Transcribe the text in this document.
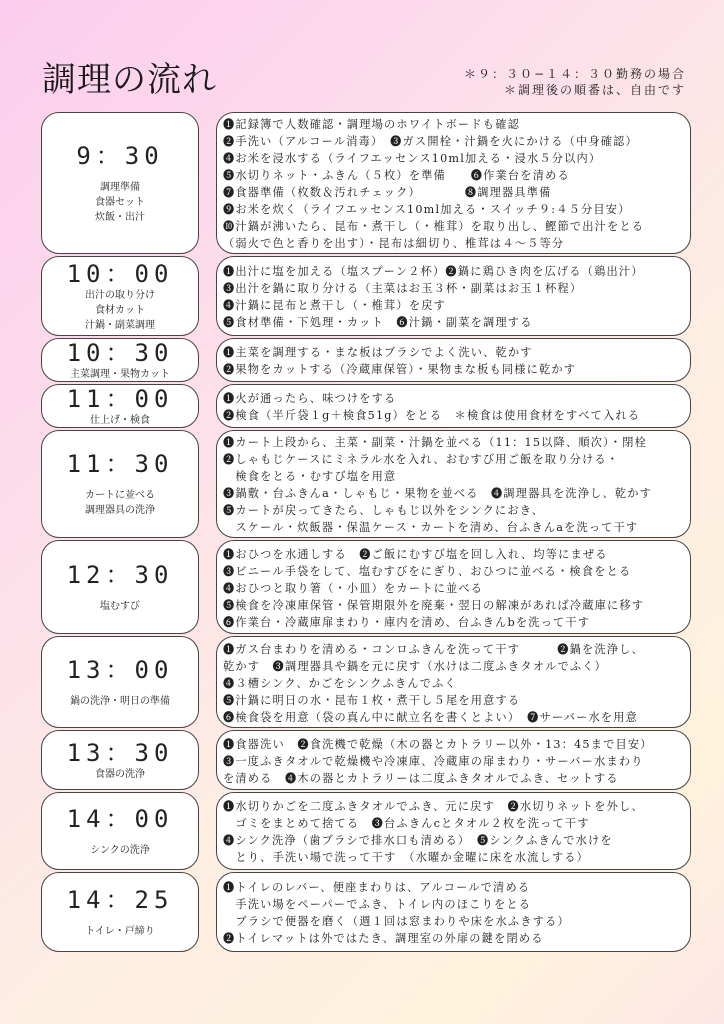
調理の流れ	＊９：３０−１４：３０勤務の場合
＊調理後の順番は、自由です
9：30
調理準備
食器セット
炊飯・出汁
❶記録簿で人数確認・調理場のホワイトボードも確認
❷手洗い（アルコール消毒）　❸ガス開栓・汁鍋を火にかける（中身確認）
❹お米を浸水する（ライフエッセンス10ml加える・浸水５分以内）
❺水切りネット・ふきん（５枚）を準備　　❻作業台を清める
❼食器準備（枚数＆汚れチェック）　　　　❽調理器具準備
❾お米を炊く（ライフエッセンス10ml加える・スイッチ９:４５分目安）
❿汁鍋が沸いたら、昆布・煮干し（・椎茸）を取り出し、鰹節で出汁をとる
（弱火で色と香りを出す）・昆布は細切り、椎茸は４～５等分
10：00
出汁の取り分け
食材カット
汁鍋・副菜調理
❶出汁に塩を加える（塩スプーン２杯）❷鍋に鶏ひき肉を広げる（鶏出汁）
❸出汁を鍋に取り分ける（主菜はお玉３杯・副菜はお玉１杯程）
❹汁鍋に昆布と煮干し（・椎茸）を戻す
❺食材準備・下処理・カット　❻汁鍋・副菜を調理する
10：30
主菜調理・果物カット
❶主菜を調理する・まな板はブラシでよく洗い、乾かす
❷果物をカットする（冷蔵庫保管）・果物まな板も同様に乾かす
11：00
仕上げ・検食
❶火が通ったら、味つけをする
❷検食（半斤袋１g＋検食51g）をとる　＊検食は使用食材をすべて入れる
11：30
カートに並べる
調理器具の洗浄
❶カート上段から、主菜・副菜・汁鍋を並べる（11：15以降、順次）・閉栓
❷しゃもじケースにミネラル水を入れ、おむすび用ご飯を取り分ける・
　検食をとる・むすび塩を用意
❸鍋敷・台ふきんa・しゃもじ・果物を並べる　❹調理器具を洗浄し、乾かす
❺カートが戻ってきたら、しゃもじ以外をシンクにおき、
　スケール・炊飯器・保温ケース・カートを清め、台ふきんaを洗って干す
12：30
塩むすび
❶おひつを水通しする　❷ご飯にむすび塩を回し入れ、均等にまぜる
❸ビニール手袋をして、塩むすびをにぎり、おひつに並べる・検食をとる
❹おひつと取り箸（・小皿）をカートに並べる
❺検食を冷凍庫保管・保管期限外を廃棄・翌日の解凍があれば冷蔵庫に移す
❻作業台・冷蔵庫扉まわり・庫内を清め、台ふきんbを洗って干す
13：00
鍋の洗浄・明日の準備
❶ガス台まわりを清める・コンロふきんを洗って干す　　　❷鍋を洗浄し、
乾かす　❸調理器具や鍋を元に戻す（水けは二度ふきタオルでふく）
❹３槽シンク、かごをシンクふきんでふく
❺汁鍋に明日の水・昆布１枚・煮干し５尾を用意する
❻検食袋を用意（袋の真ん中に献立名を書くとよい）　❼サーバー水を用意
13：30
食器の洗浄
❶食器洗い　❷食洗機で乾燥（木の器とカトラリー以外・13：45まで目安）
❸一度ふきタオルで乾燥機や冷凍庫、冷蔵庫の扉まわり・サーバー水まわり
を清める　❹木の器とカトラリーは二度ふきタオルでふき、セットする
14：00
シンクの洗浄
❶水切りかごを二度ふきタオルでふき、元に戻す　❷水切りネットを外し、
　ゴミをまとめて捨てる　❸台ふきんcとタオル２枚を洗って干す
❹シンク洗浄（歯ブラシで排水口も清める）　❺シンクふきんで水けを
　とり、手洗い場で洗って干す　（水曜か金曜に床を水流しする）
14：25
トイレ・戸締り
❶トイレのレバー、便座まわりは、アルコールで清める
　手洗い場をペーパーでふき、トイレ内のほこりをとる
　ブラシで便器を磨く（週１回は窓まわりや床を水ふきする）
❷トイレマットは外ではたき、調理室の外扉の鍵を閉める
